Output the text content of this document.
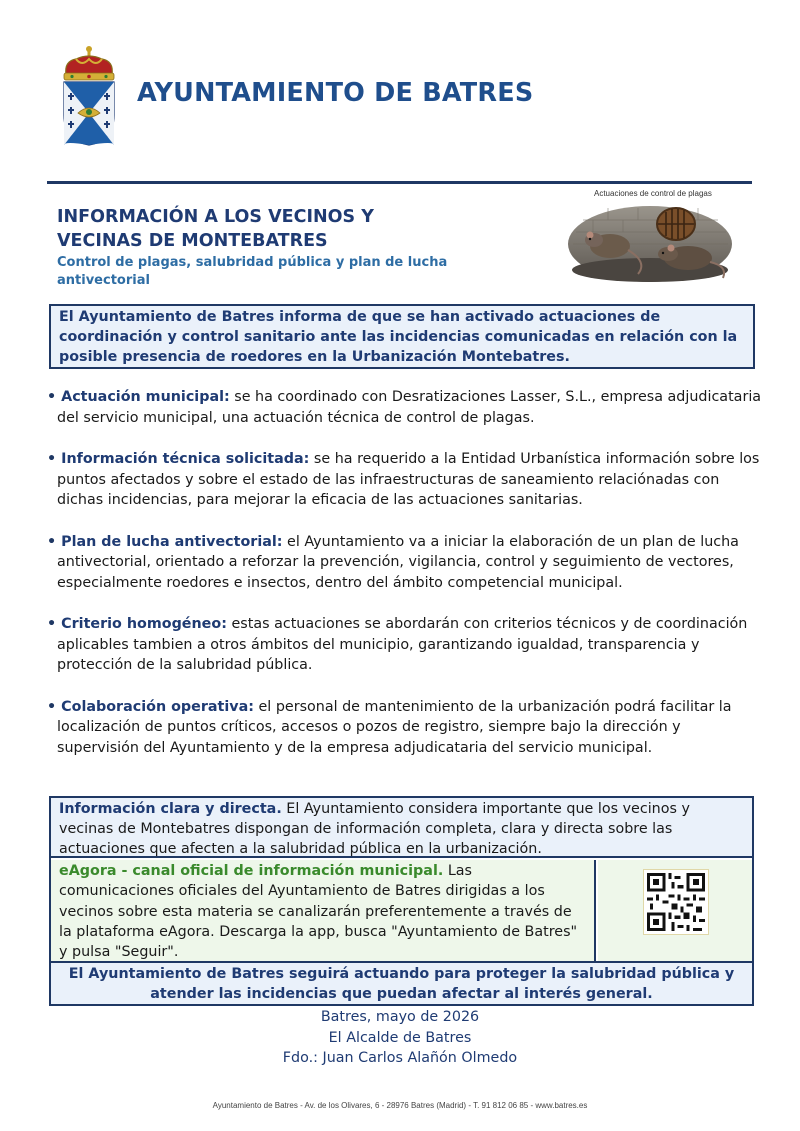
AYUNTAMIENTO DE BATRES
INFORMACIÓN A LOS VECINOS Y
VECINAS DE MONTEBATRES
Control de plagas, salubridad pública y plan de lucha antivectorial
Actuaciones de control de plagas
El Ayuntamiento de Batres informa de que se han activado actuaciones de coordinación y control sanitario ante las incidencias comunicadas en relación con la posible presencia de roedores en la Urbanización Montebatres.
• Actuación municipal: se ha coordinado con Desratizaciones Lasser, S.L., empresa adjudicataria del servicio municipal, una actuación técnica de control de plagas.
• Información técnica solicitada: se ha requerido a la Entidad Urbanística información sobre los puntos afectados y sobre el estado de las infraestructuras de saneamiento relaciónadas con dichas incidencias, para mejorar la eficacia de las actuaciones sanitarias.
• Plan de lucha antivectorial: el Ayuntamiento va a iniciar la elaboración de un plan de lucha antivectorial, orientado a reforzar la prevención, vigilancia, control y seguimiento de vectores, especialmente roedores e insectos, dentro del ámbito competencial municipal.
• Criterio homogéneo: estas actuaciones se abordarán con criterios técnicos y de coordinación aplicables tambien a otros ámbitos del municipio, garantizando igualdad, transparencia y protección de la salubridad pública.
• Colaboración operativa: el personal de mantenimiento de la urbanización podrá facilitar la localización de puntos críticos, accesos o pozos de registro, siempre bajo la dirección y supervisión del Ayuntamiento y de la empresa adjudicataria del servicio municipal.
Información clara y directa. El Ayuntamiento considera importante que los vecinos y vecinas de Montebatres dispongan de información completa, clara y directa sobre las actuaciones que afecten a la salubridad pública en la urbanización.
eAgora - canal oficial de información municipal. Las comunicaciones oficiales del Ayuntamiento de Batres dirigidas a los vecinos sobre esta materia se canalizarán preferentemente a través de la plataforma eAgora. Descarga la app, busca "Ayuntamiento de Batres" y pulsa "Seguir".
El Ayuntamiento de Batres seguirá actuando para proteger la salubridad pública y atender las incidencias que puedan afectar al interés general.
Batres, mayo de 2026
El Alcalde de Batres
Fdo.: Juan Carlos Alañón Olmedo
Ayuntamiento de Batres - Av. de los Olivares, 6 - 28976 Batres (Madrid) - T. 91 812 06 85 - www.batres.es
